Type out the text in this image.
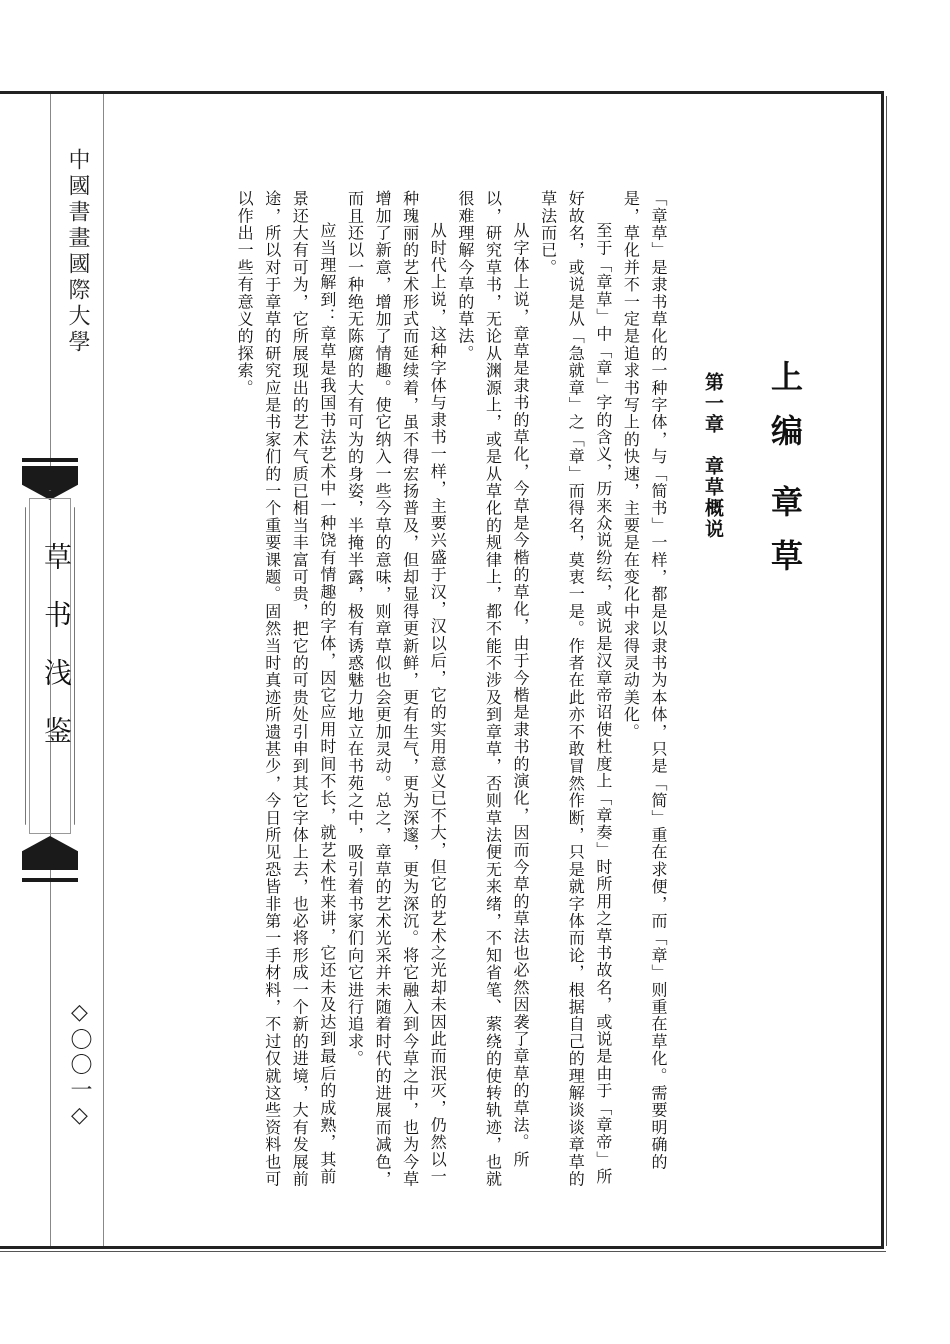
中國書畫國際大學

草书浅鉴

◇〇〇一◇

上编
章草
第一章　章草概说

「章草」是隶书草化的一种字体，与「简书」一样，都是以隶书为本体，只是「简」重在求便，而「章」则重在草化。需要明确的是，草化并不一定是追求书写上的快速，主要是在变化中求得灵动美化。

至于「章草」中「章」字的含义，历来众说纷纭，或说是汉章帝诏使杜度上「章奏」时所用之草书故名，或说是由于「章帝」所好故名，或说是从「急就章」之「章」而得名，莫衷一是。作者在此亦不敢冒然作断，只是就字体而论，根据自己的理解谈谈章草的草法而已。

从字体上说，章草是隶书的草化，今草是今楷的草化，由于今楷是隶书的演化，因而今草的草法也必然因袭了章草的草法。所以，研究草书，无论从渊源上，或是从草化的规律上，都不能不涉及到章草，否则草法便无来绪，不知省笔、萦绕的使转轨迹，也就很难理解今草的草法。

从时代上说，这种字体与隶书一样，主要兴盛于汉，汉以后，它的实用意义已不大，但它的艺术之光却未因此而泯灭，仍然以一种瑰丽的艺术形式而延续着，虽不得宏扬普及，但却显得更新鲜，更有生气，更为深邃，更为深沉。将它融入到今草之中，也为今草增加了新意，增加了情趣。使它纳入一些今草的意味，则章草似也会更加灵动。总之，章草的艺术光采并未随着时代的进展而减色，而且还以一种绝无陈腐的大有可为的身姿，半掩半露，极有诱惑魅力地立在书苑之中，吸引着书家们向它进行追求。

应当理解到：章草是我国书法艺术中一种饶有情趣的字体，因它应用时间不长，就艺术性来讲，它还未及达到最后的成熟，其前景还大有可为，它所展现出的艺术气质已相当丰富可贵，把它的可贵处引申到其它字体上去，也必将形成一个新的进境，大有发展前途，所以对于章草的研究应是书家们的一个重要课题。固然当时真迹所遗甚少，今日所见恐皆非第一手材料，不过仅就这些资料也可以作出一些有意义的探索。
